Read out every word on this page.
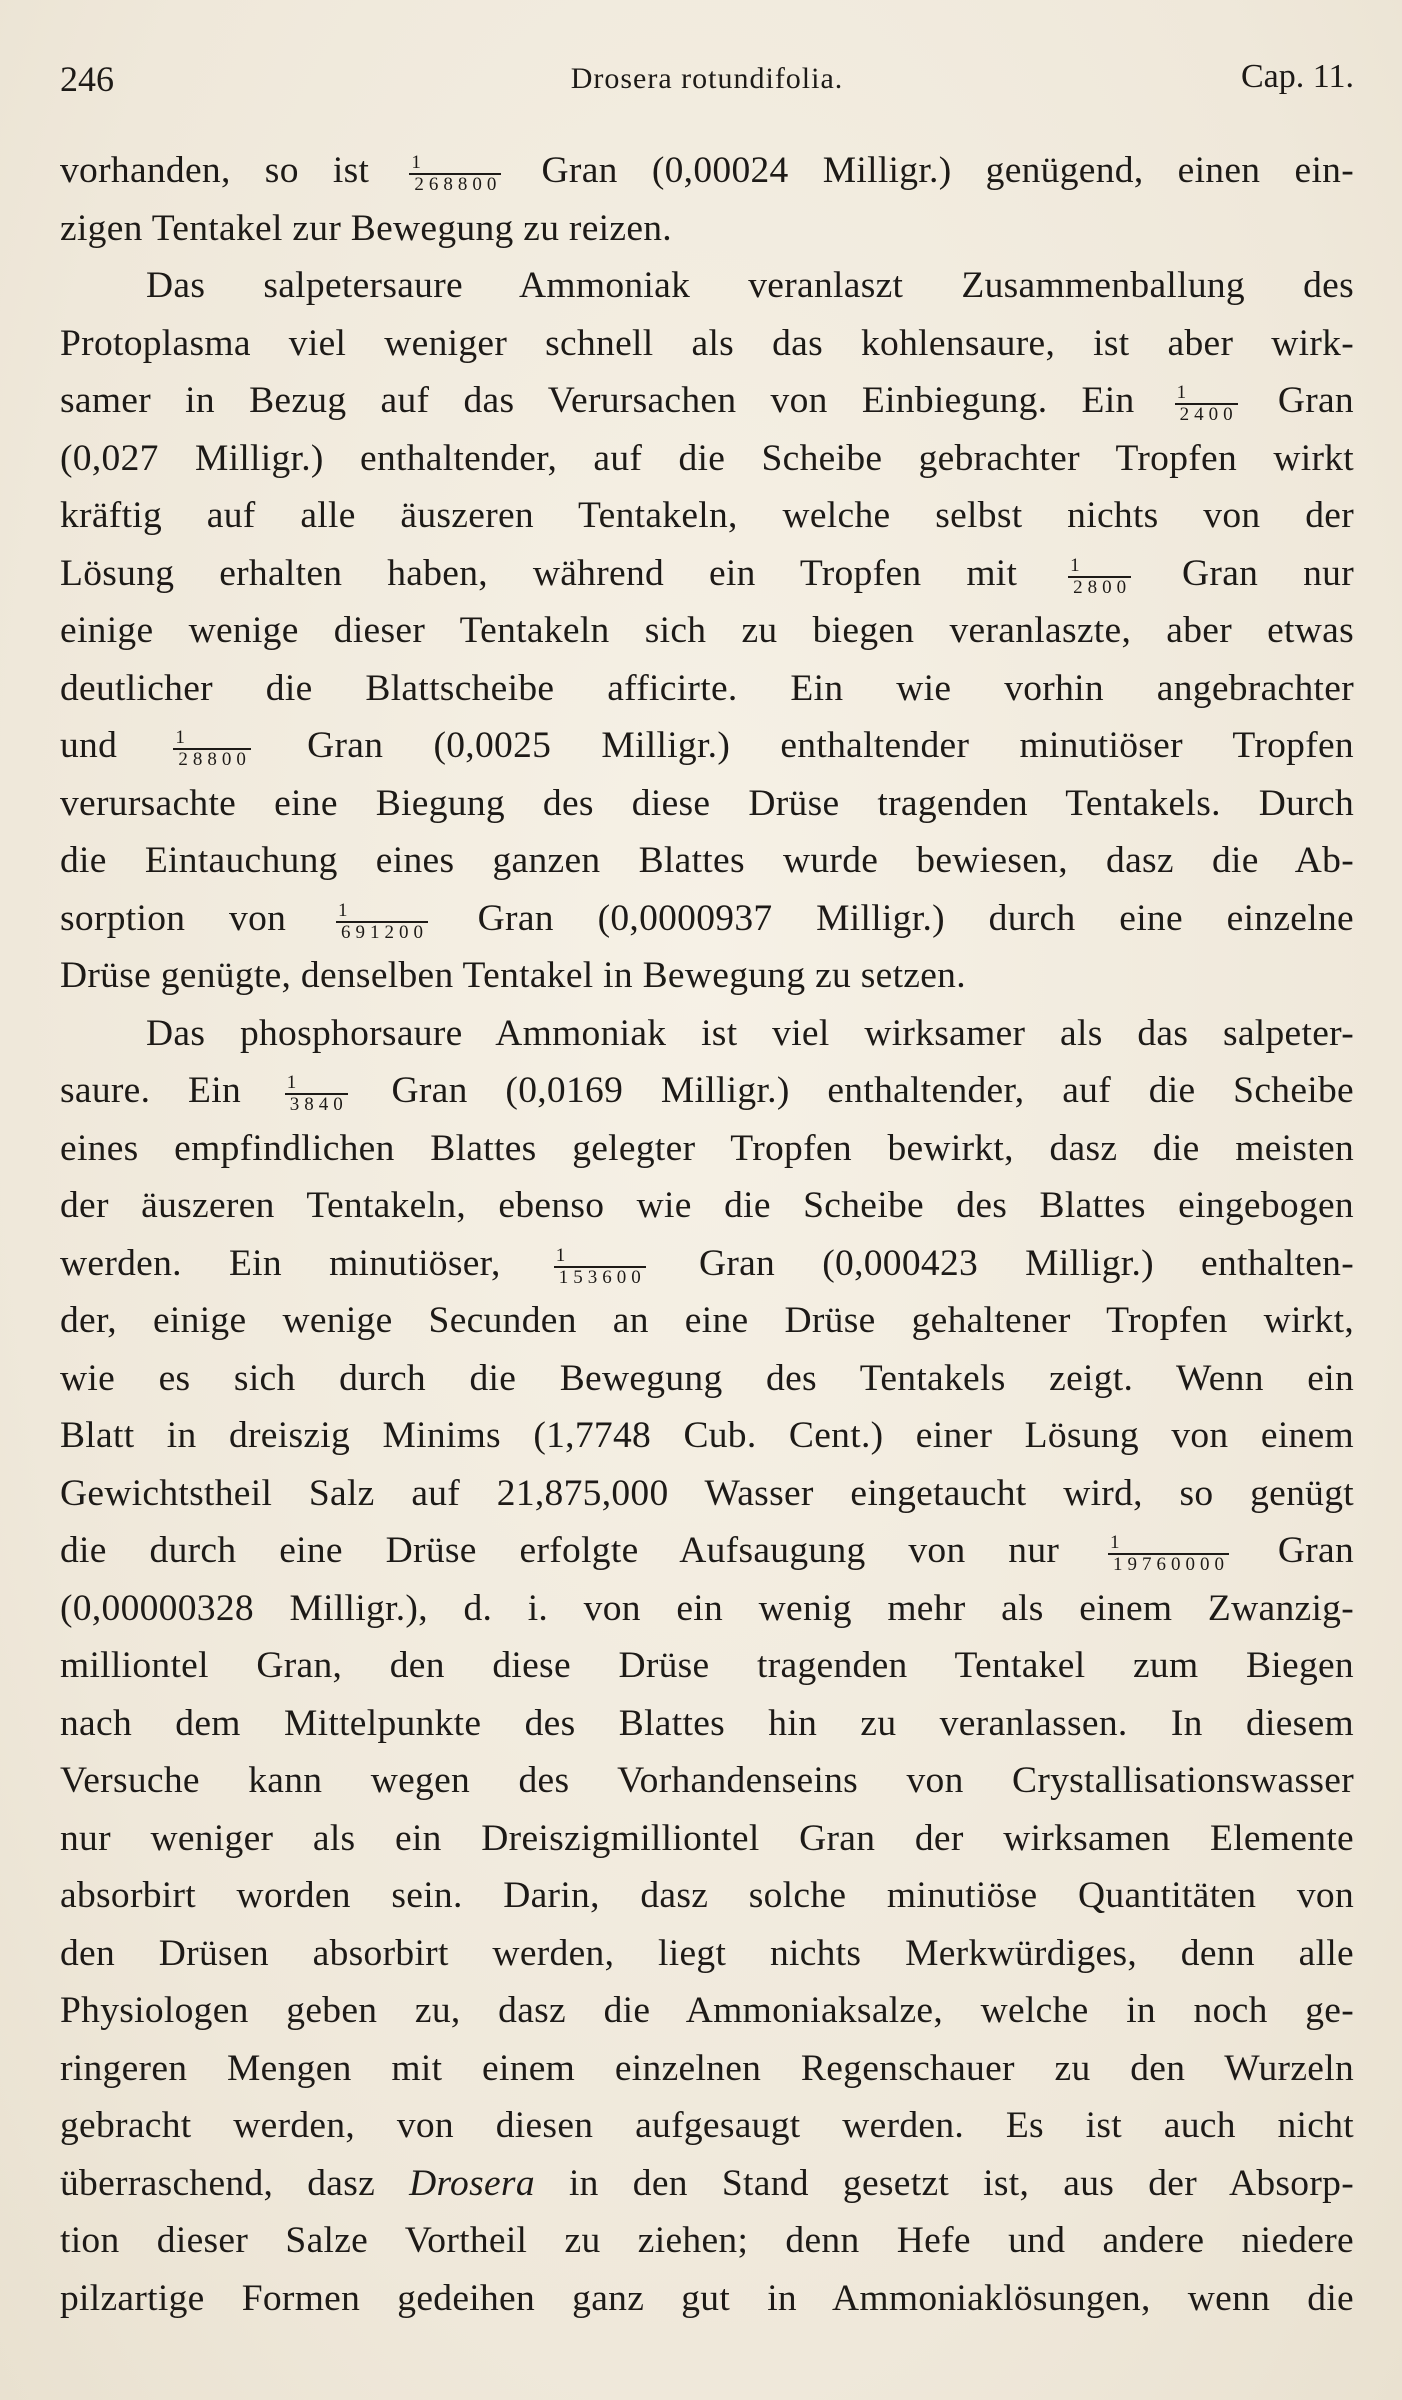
246	Drosera rotundifolia.	Cap. 11.
vorhanden, so ist $\frac{1}{268800}$ Gran (0,00024 Milligr.) genügend, einen ein-
zigen Tentakel zur Bewegung zu reizen.
Das salpetersaure Ammoniak veranlaszt Zusammenballung des
Protoplasma viel weniger schnell als das kohlensaure, ist aber wirk-
samer in Bezug auf das Verursachen von Einbiegung. Ein $\frac{1}{2400}$ Gran
(0,027 Milligr.) enthaltender, auf die Scheibe gebrachter Tropfen wirkt
kräftig auf alle äuszeren Tentakeln, welche selbst nichts von der
Lösung erhalten haben, während ein Tropfen mit	$\frac{1}{2800}$ Gran nur
einige wenige dieser Tentakeln sich zu biegen veranlaszte, aber etwas
deutlicher die Blattscheibe afficirte. Ein wie vorhin angebrachter
und	$\frac{1}{28800}$ Gran (0,0025 Milligr.) enthaltender minutiöser Tropfen
verursachte eine Biegung des diese Drüse tragenden Tentakels. Durch
die Eintauchung eines ganzen Blattes wurde bewiesen, dasz die Ab-
sorption von	$\frac{1}{691200}$ Gran (0,0000937 Milligr.) durch eine einzelne
Drüse genügte, denselben Tentakel in Bewegung zu setzen.
Das phosphorsaure Ammoniak ist viel wirksamer als das salpeter-
saure. Ein $\frac{1}{3840}$ Gran (0,0169 Milligr.) enthaltender, auf die Scheibe
eines empfindlichen Blattes gelegter Tropfen bewirkt, dasz die meisten
der äuszeren Tentakeln, ebenso wie die Scheibe des Blattes eingebogen
werden. Ein minutiöser,	$\frac{1}{153600}$ Gran (0,000423 Milligr.) enthalten-
der, einige wenige Secunden an eine Drüse gehaltener Tropfen wirkt,
wie es sich durch die Bewegung des Tentakels zeigt. Wenn ein
Blatt in dreiszig Minims (1,7748 Cub. Cent.) einer Lösung von einem
Gewichtstheil Salz auf 21,875,000 Wasser eingetaucht wird, so genügt
die durch eine Drüse erfolgte Aufsaugung von nur	$\frac{1}{19760000}$ Gran
(0,00000328 Milligr.), d. i. von ein wenig mehr als einem Zwanzig-
milliontel Gran, den diese Drüse tragenden Tentakel zum Biegen
nach dem Mittelpunkte des Blattes hin zu veranlassen. In diesem
Versuche kann wegen des Vorhandenseins von Crystallisationswasser
nur weniger als ein Dreiszigmilliontel Gran der wirksamen Elemente
absorbirt worden sein. Darin, dasz solche minutiöse Quantitäten von
den Drüsen absorbirt werden, liegt nichts Merkwürdiges, denn alle
Physiologen geben zu, dasz die Ammoniaksalze, welche in noch ge-
ringeren Mengen mit einem einzelnen Regenschauer zu den Wurzeln
gebracht werden, von diesen aufgesaugt werden. Es ist auch nicht
überraschend, dasz Drosera in den Stand gesetzt ist, aus der Absorp-
tion dieser Salze Vortheil zu ziehen; denn Hefe und andere niedere
pilzartige Formen gedeihen ganz gut in Ammoniaklösungen, wenn die
